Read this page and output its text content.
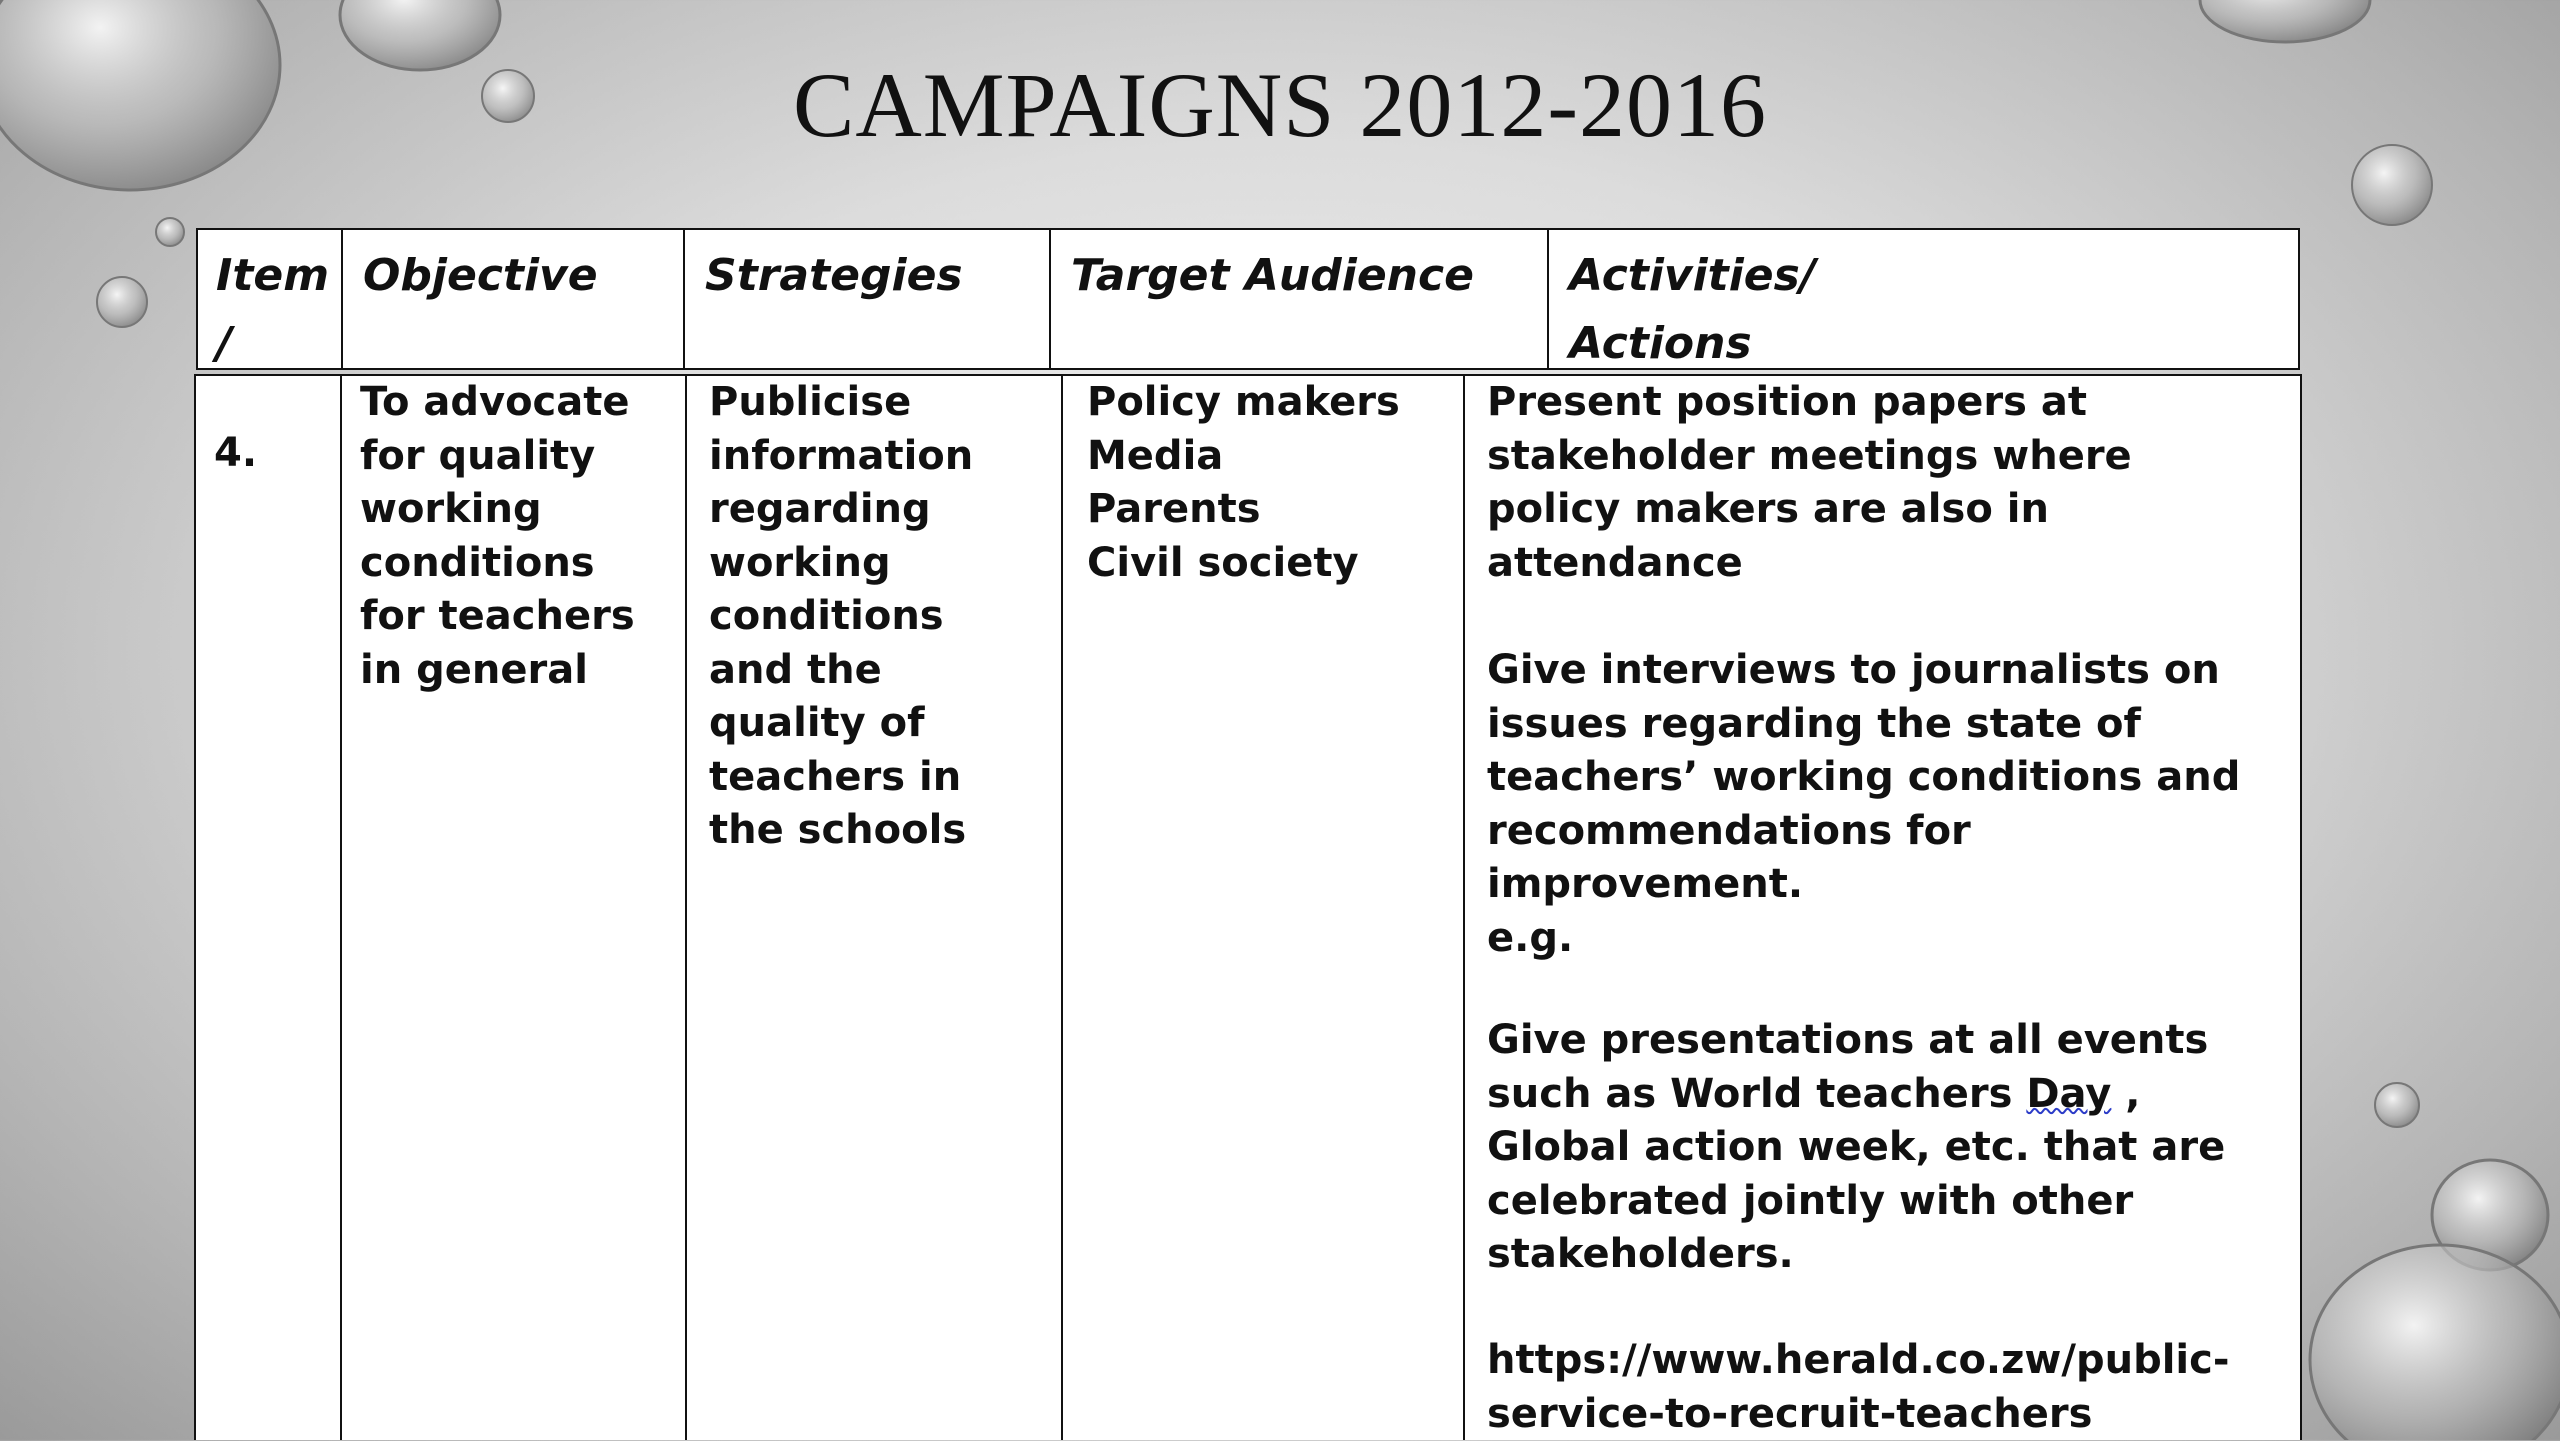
CAMPAIGNS 2012-2016
Item
/
Objective Strategies Target Audience Activities/
Actions
4.
To advocate
for quality
working
conditions
for teachers
in general
Publicise
information
regarding
working
conditions
and the
quality of
teachers in
the schools
Policy makers
Media
Parents
Civil society
Present position papers at
stakeholder meetings where
policy makers are also in
attendance
Give interviews to journalists on
issues regarding the state of
teachers’ working conditions and
recommendations for
improvement.
e.g.
Give presentations at all events
such as World teachers Day ,
Global action week, etc. that are
celebrated jointly with other
stakeholders.
https://www.herald.co.zw/public-
service-to-recruit-teachers
